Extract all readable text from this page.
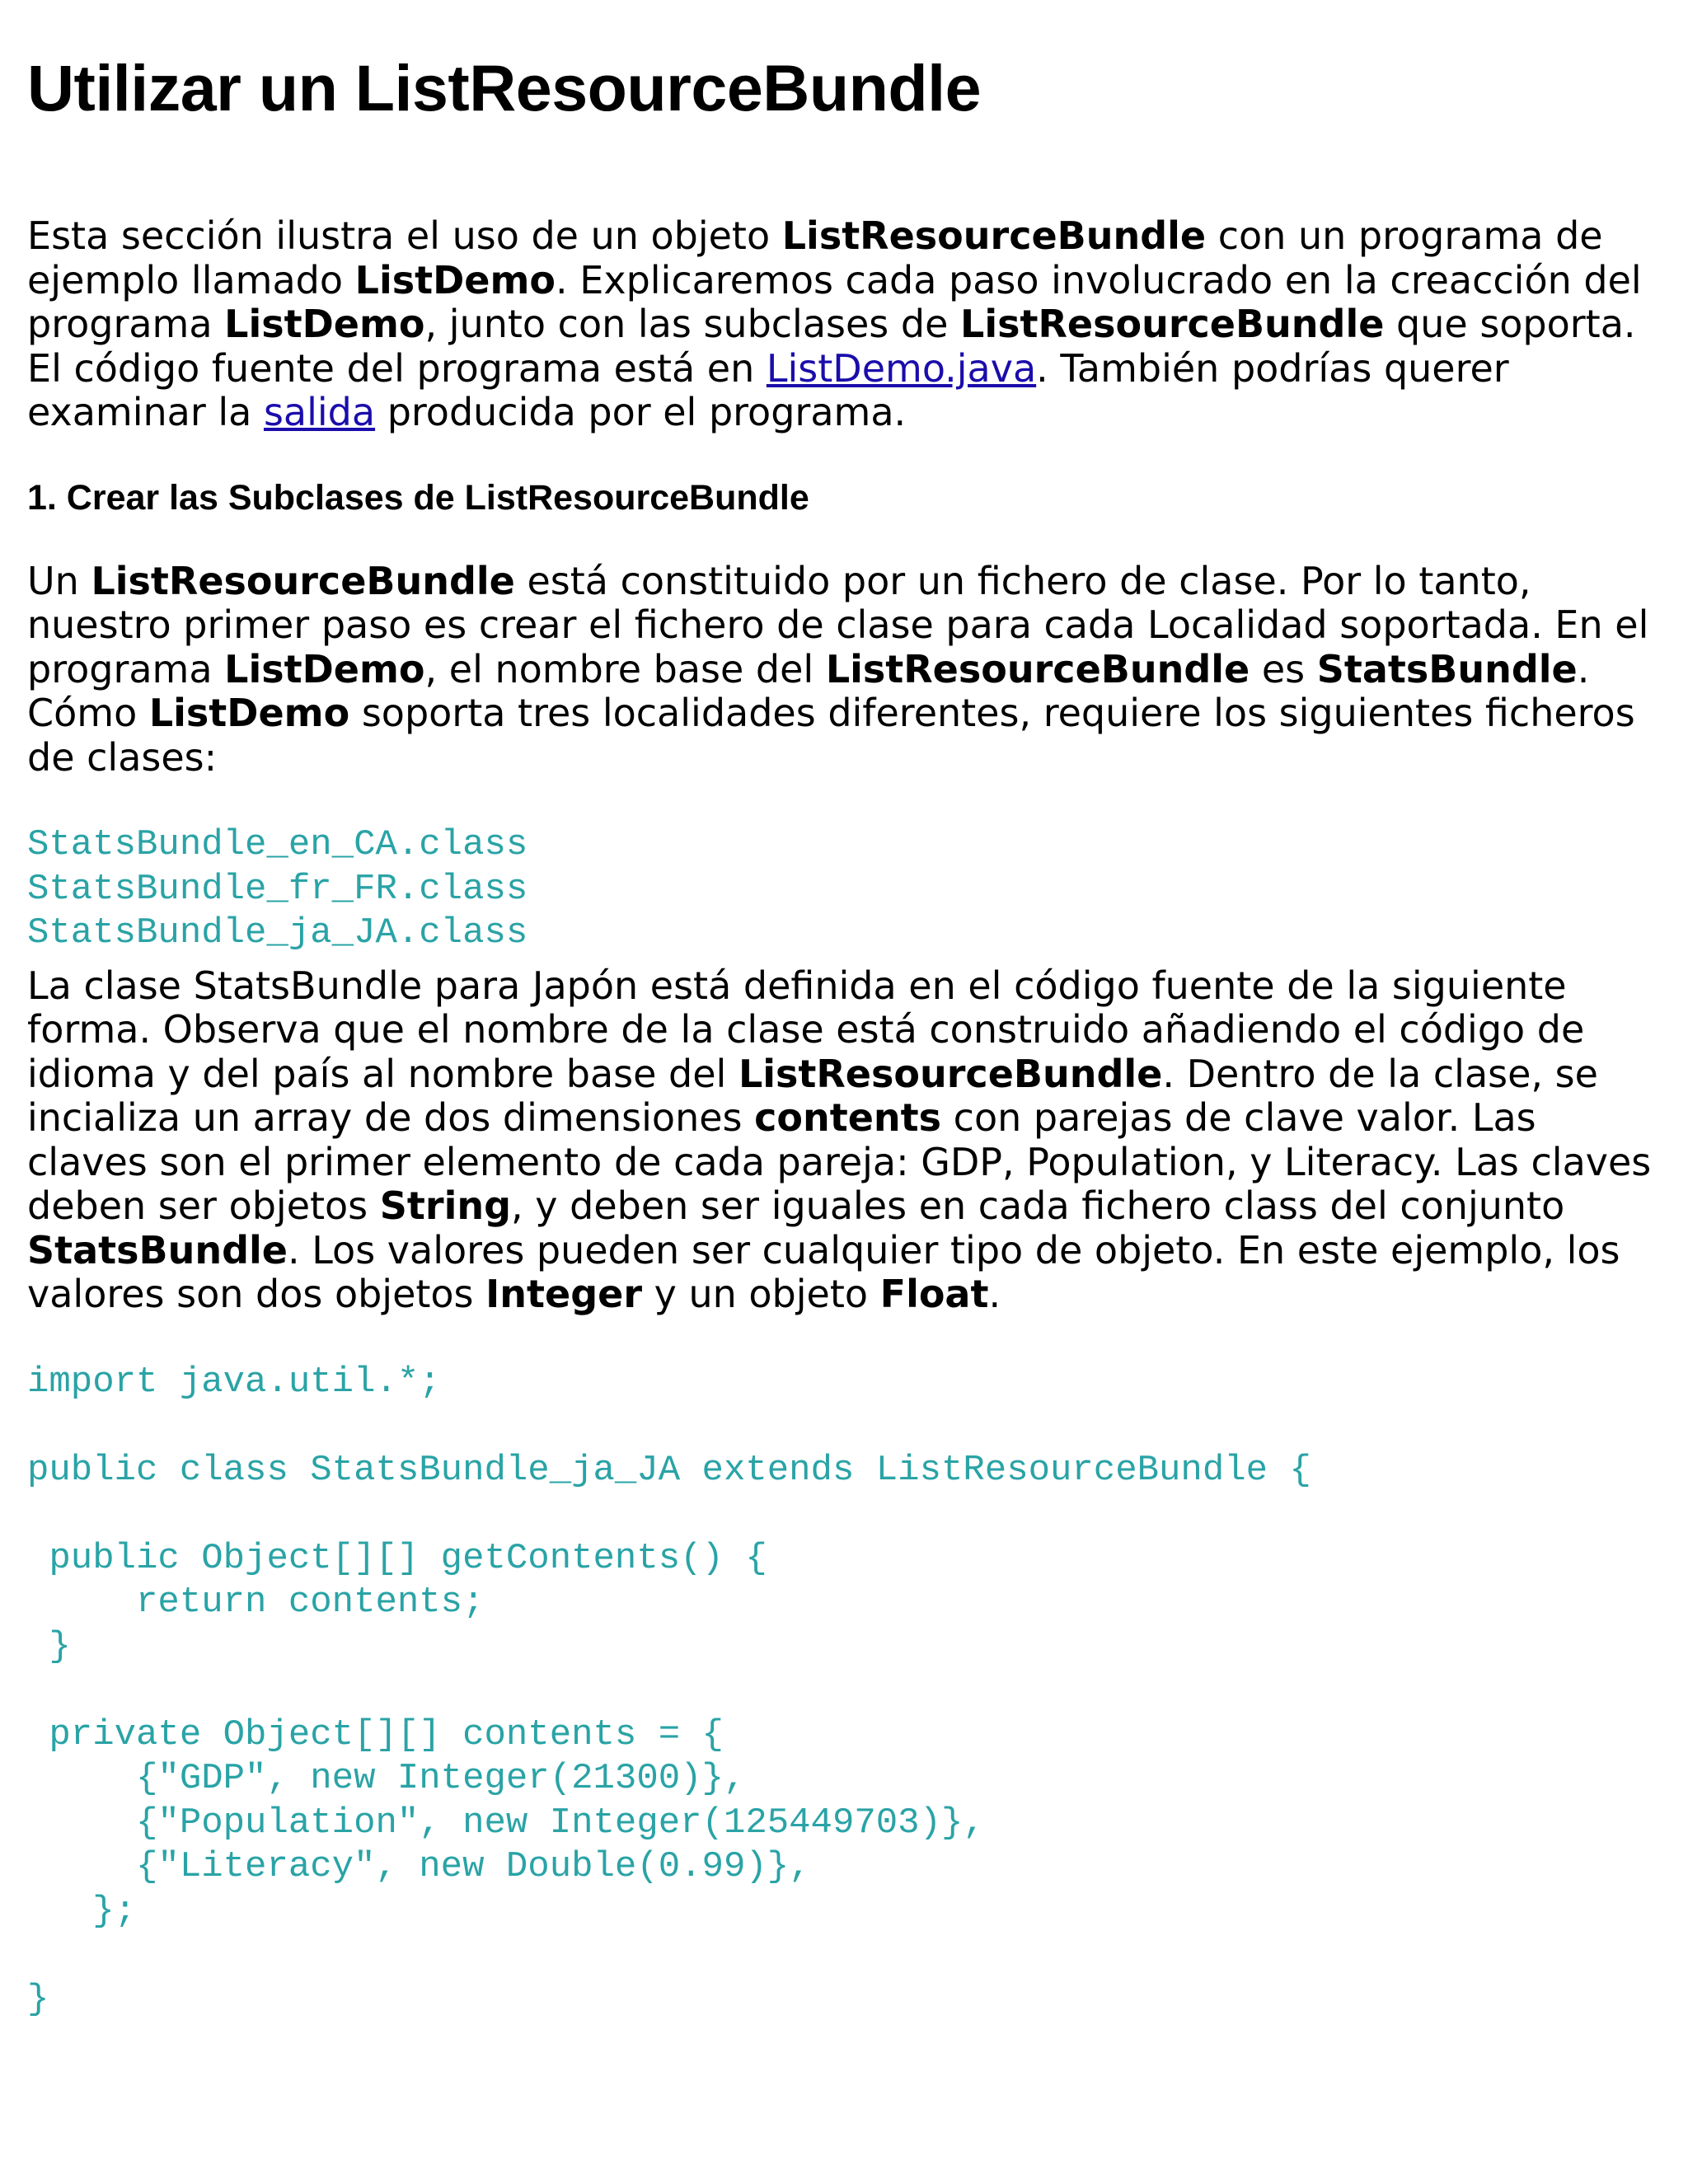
Utilizar un ListResourceBundle

Esta sección ilustra el uso de un objeto ListResourceBundle con un programa de ejemplo llamado ListDemo. Explicaremos cada paso involucrado en la creacción del programa ListDemo, junto con las subclases de ListResourceBundle que soporta. El código fuente del programa está en ListDemo.java. También podrías querer examinar la salida producida por el programa.

1. Crear las Subclases de ListResourceBundle

Un ListResourceBundle está constituido por un fichero de clase. Por lo tanto, nuestro primer paso es crear el fichero de clase para cada Localidad soportada. En el programa ListDemo, el nombre base del ListResourceBundle es StatsBundle. Cómo ListDemo soporta tres localidades diferentes, requiere los siguientes ficheros de clases:

StatsBundle_en_CA.class
StatsBundle_fr_FR.class
StatsBundle_ja_JA.class

La clase StatsBundle para Japón está definida en el código fuente de la siguiente forma. Observa que el nombre de la clase está construido añadiendo el código de idioma y del país al nombre base del ListResourceBundle. Dentro de la clase, se incializa un array de dos dimensiones contents con parejas de clave valor. Las claves son el primer elemento de cada pareja: GDP, Population, y Literacy. Las claves deben ser objetos String, y deben ser iguales en cada fichero class del conjunto StatsBundle. Los valores pueden ser cualquier tipo de objeto. En este ejemplo, los valores son dos objetos Integer y un objeto Float.

import java.util.*;

public class StatsBundle_ja_JA extends ListResourceBundle {

public Object[][] getContents() {
return contents;
}

private Object[][] contents = {
{"GDP", new Integer(21300)},
{"Population", new Integer(125449703)},
{"Literacy", new Double(0.99)},
};

}
